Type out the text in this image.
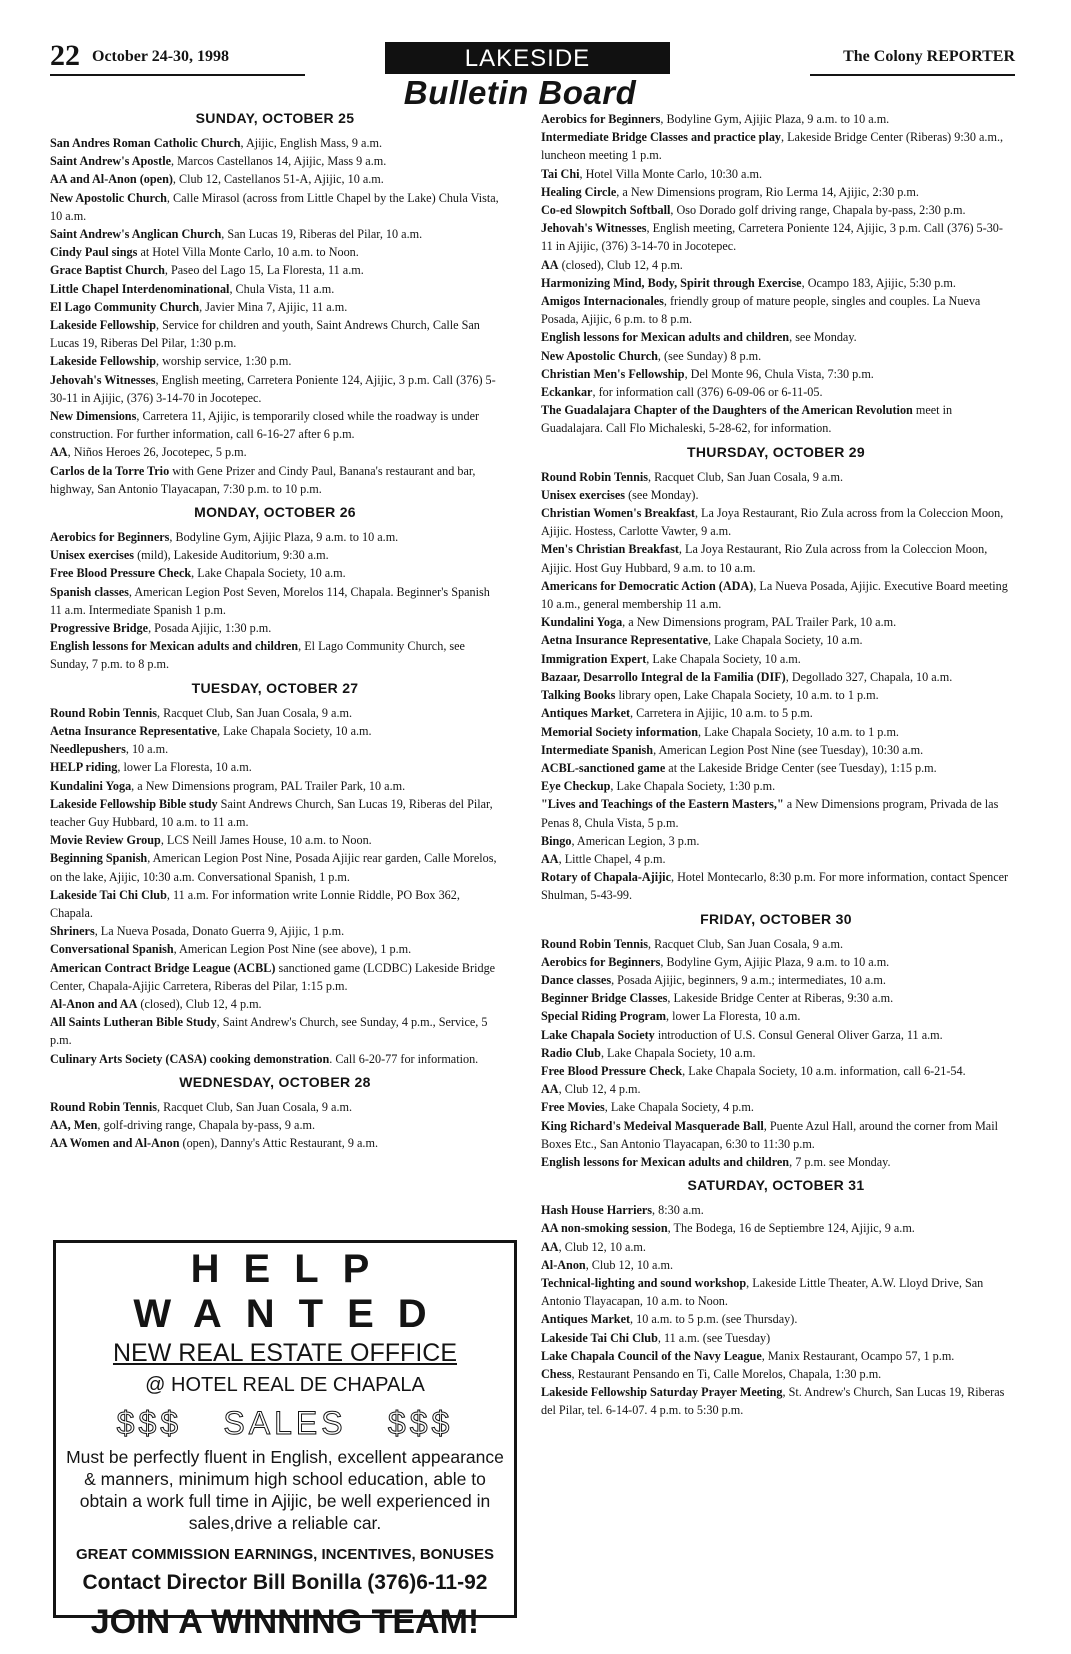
22 October 24-30, 1998	LAKESIDE	The Colony REPORTER
Bulletin Board
SUNDAY, OCTOBER 25

San Andres Roman Catholic Church, Ajijic, English Mass, 9 a.m.

Saint Andrew's Apostle, Marcos Castellanos 14, Ajijic, Mass 9 a.m.

AA and Al-Anon (open), Club 12, Castellanos 51-A, Ajijic, 10 a.m.

New Apostolic Church, Calle Mirasol (across from Little Chapel by the Lake) Chula Vista, 10 a.m.

Saint Andrew's Anglican Church, San Lucas 19, Riberas del Pilar, 10 a.m.

Cindy Paul sings at Hotel Villa Monte Carlo, 10 a.m. to Noon.

Grace Baptist Church, Paseo del Lago 15, La Floresta, 11 a.m.

Little Chapel Interdenominational, Chula Vista, 11 a.m.

El Lago Community Church, Javier Mina 7, Ajijic, 11 a.m.

Lakeside Fellowship, Service for children and youth, Saint Andrews Church, Calle San Lucas 19, Riberas Del Pilar, 1:30 p.m.

Lakeside Fellowship, worship service, 1:30 p.m.

Jehovah's Witnesses, English meeting, Carretera Poniente 124, Ajijic, 3 p.m. Call (376) 5-30-11 in Ajijic, (376) 3-14-70 in Jocotepec.

New Dimensions, Carretera 11, Ajijic, is temporarily closed while the roadway is under construction. For further information, call 6-16-27 after 6 p.m.

AA, Niños Heroes 26, Jocotepec, 5 p.m.

Carlos de la Torre Trio with Gene Prizer and Cindy Paul, Banana's restaurant and bar, highway, San Antonio Tlayacapan, 7:30 p.m. to 10 p.m.

MONDAY, OCTOBER 26

Aerobics for Beginners, Bodyline Gym, Ajijic Plaza, 9 a.m. to 10 a.m.

Unisex exercises (mild), Lakeside Auditorium, 9:30 a.m.

Free Blood Pressure Check, Lake Chapala Society, 10 a.m.

Spanish classes, American Legion Post Seven, Morelos 114, Chapala. Beginner's Spanish 11 a.m. Intermediate Spanish 1 p.m.

Progressive Bridge, Posada Ajijic, 1:30 p.m.

English lessons for Mexican adults and children, El Lago Community Church, see Sunday, 7 p.m. to 8 p.m.

TUESDAY, OCTOBER 27

Round Robin Tennis, Racquet Club, San Juan Cosala, 9 a.m.

Aetna Insurance Representative, Lake Chapala Society, 10 a.m.

Needlepushers, 10 a.m.

HELP riding, lower La Floresta, 10 a.m.

Kundalini Yoga, a New Dimensions program, PAL Trailer Park, 10 a.m.

Lakeside Fellowship Bible study Saint Andrews Church, San Lucas 19, Riberas del Pilar, teacher Guy Hubbard, 10 a.m. to 11 a.m.

Movie Review Group, LCS Neill James House, 10 a.m. to Noon.

Beginning Spanish, American Legion Post Nine, Posada Ajijic rear garden, Calle Morelos, on the lake, Ajijic, 10:30 a.m. Conversational Spanish, 1 p.m.

Lakeside Tai Chi Club, 11 a.m. For information write Lonnie Riddle, PO Box 362, Chapala.

Shriners, La Nueva Posada, Donato Guerra 9, Ajijic, 1 p.m.

Conversational Spanish, American Legion Post Nine (see above), 1 p.m.

American Contract Bridge League (ACBL) sanctioned game (LCDBC) Lakeside Bridge Center, Chapala-Ajijic Carretera, Riberas del Pilar, 1:15 p.m.

Al-Anon and AA (closed), Club 12, 4 p.m.

All Saints Lutheran Bible Study, Saint Andrew's Church, see Sunday, 4 p.m., Service, 5 p.m.

Culinary Arts Society (CASA) cooking demonstration. Call 6-20-77 for information.

WEDNESDAY, OCTOBER 28

Round Robin Tennis, Racquet Club, San Juan Cosala, 9 a.m.

AA, Men, golf-driving range, Chapala by-pass, 9 a.m.

AA Women and Al-Anon (open), Danny's Attic Restaurant, 9 a.m.

Aerobics for Beginners, Bodyline Gym, Ajijic Plaza, 9 a.m. to 10 a.m.

Intermediate Bridge Classes and practice play, Lakeside Bridge Center (Riberas) 9:30 a.m., luncheon meeting 1 p.m.

Tai Chi, Hotel Villa Monte Carlo, 10:30 a.m.

Healing Circle, a New Dimensions program, Rio Lerma 14, Ajijic, 2:30 p.m.

Co-ed Slowpitch Softball, Oso Dorado golf driving range, Chapala by-pass, 2:30 p.m.

Jehovah's Witnesses, English meeting, Carretera Poniente 124, Ajijic, 3 p.m. Call (376) 5-30-11 in Ajijic, (376) 3-14-70 in Jocotepec.

AA (closed), Club 12, 4 p.m.

Harmonizing Mind, Body, Spirit through Exercise, Ocampo 183, Ajijic, 5:30 p.m.

Amigos Internacionales, friendly group of mature people, singles and couples. La Nueva Posada, Ajijic, 6 p.m. to 8 p.m.

English lessons for Mexican adults and children, see Monday.

New Apostolic Church, (see Sunday) 8 p.m.

Christian Men's Fellowship, Del Monte 96, Chula Vista, 7:30 p.m.

Eckankar, for information call (376) 6-09-06 or 6-11-05.

The Guadalajara Chapter of the Daughters of the American Revolution meet in Guadalajara. Call Flo Michaleski, 5-28-62, for information.

THURSDAY, OCTOBER 29

Round Robin Tennis, Racquet Club, San Juan Cosala, 9 a.m.

Unisex exercises (see Monday).

Christian Women's Breakfast, La Joya Restaurant, Rio Zula across from la Coleccion Moon, Ajijic. Hostess, Carlotte Vawter, 9 a.m.

Men's Christian Breakfast, La Joya Restaurant, Rio Zula across from la Coleccion Moon, Ajijic. Host Guy Hubbard, 9 a.m. to 10 a.m.

Americans for Democratic Action (ADA), La Nueva Posada, Ajijic. Executive Board meeting 10 a.m., general membership 11 a.m.

Kundalini Yoga, a New Dimensions program, PAL Trailer Park, 10 a.m.

Aetna Insurance Representative, Lake Chapala Society, 10 a.m.

Immigration Expert, Lake Chapala Society, 10 a.m.

Bazaar, Desarrollo Integral de la Familia (DIF), Degollado 327, Chapala, 10 a.m.

Talking Books library open, Lake Chapala Society, 10 a.m. to 1 p.m.

Antiques Market, Carretera in Ajijic, 10 a.m. to 5 p.m.

Memorial Society information, Lake Chapala Society, 10 a.m. to 1 p.m.

Intermediate Spanish, American Legion Post Nine (see Tuesday), 10:30 a.m.

ACBL-sanctioned game at the Lakeside Bridge Center (see Tuesday), 1:15 p.m.

Eye Checkup, Lake Chapala Society, 1:30 p.m.

"Lives and Teachings of the Eastern Masters," a New Dimensions program, Privada de las Penas 8, Chula Vista, 5 p.m.

Bingo, American Legion, 3 p.m.

AA, Little Chapel, 4 p.m.

Rotary of Chapala-Ajijic, Hotel Montecarlo, 8:30 p.m. For more information, contact Spencer Shulman, 5-43-99.

FRIDAY, OCTOBER 30

Round Robin Tennis, Racquet Club, San Juan Cosala, 9 a.m.

Aerobics for Beginners, Bodyline Gym, Ajijic Plaza, 9 a.m. to 10 a.m.

Dance classes, Posada Ajijic, beginners, 9 a.m.; intermediates, 10 a.m.

Beginner Bridge Classes, Lakeside Bridge Center at Riberas, 9:30 a.m.

Special Riding Program, lower La Floresta, 10 a.m.

Lake Chapala Society introduction of U.S. Consul General Oliver Garza, 11 a.m.

Radio Club, Lake Chapala Society, 10 a.m.

Free Blood Pressure Check, Lake Chapala Society, 10 a.m. information, call 6-21-54.

AA, Club 12, 4 p.m.

Free Movies, Lake Chapala Society, 4 p.m.

King Richard's Medeival Masquerade Ball, Puente Azul Hall, around the corner from Mail Boxes Etc., San Antonio Tlayacapan, 6:30 to 11:30 p.m.

English lessons for Mexican adults and children, 7 p.m. see Monday.

SATURDAY, OCTOBER 31

Hash House Harriers, 8:30 a.m.

AA non-smoking session, The Bodega, 16 de Septiembre 124, Ajijic, 9 a.m.

AA, Club 12, 10 a.m.

Al-Anon, Club 12, 10 a.m.

Technical-lighting and sound workshop, Lakeside Little Theater, A.W. Lloyd Drive, San Antonio Tlayacapan, 10 a.m. to Noon.

Antiques Market, 10 a.m. to 5 p.m. (see Thursday).

Lakeside Tai Chi Club, 11 a.m. (see Tuesday)

Lake Chapala Council of the Navy League, Manix Restaurant, Ocampo 57, 1 p.m.

Chess, Restaurant Pensando en Ti, Calle Morelos, Chapala, 1:30 p.m.

Lakeside Fellowship Saturday Prayer Meeting, St. Andrew's Church, San Lucas 19, Riberas del Pilar, tel. 6-14-07. 4 p.m. to 5:30 p.m.

HELP WANTED
NEW REAL ESTATE OFFFICE
@ HOTEL REAL DE CHAPALA
$$$ SALES $$$
Must be perfectly fluent in English, excellent appearance & manners, minimum high school education, able to obtain a work full time in Ajijic, be well experienced in sales,drive a reliable car.
GREAT COMMISSION EARNINGS, INCENTIVES, BONUSES
Contact Director Bill Bonilla (376)6-11-92
JOIN A WINNING TEAM!
